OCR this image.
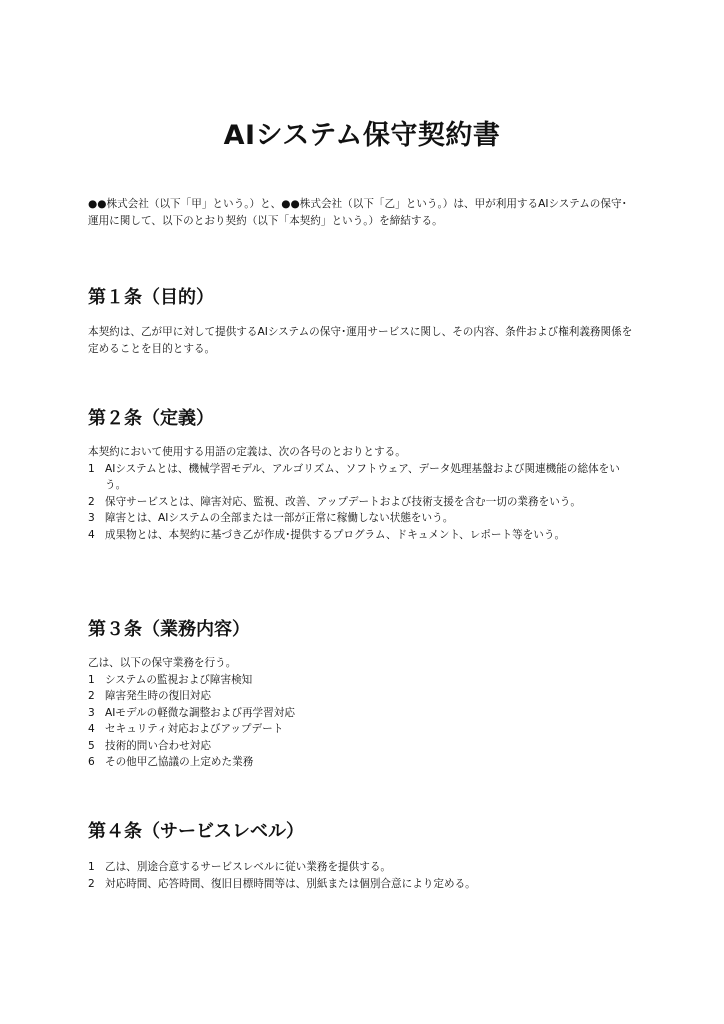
AIシステム保守契約書
●●株式会社（以下「甲」という。）と、●●株式会社（以下「乙」という。）は、甲が利用するAIシステムの保守･運用に関して、以下のとおり契約（以下「本契約」という。）を締結する。
第１条（目的）

本契約は、乙が甲に対して提供するAIシステムの保守･運用サービスに関し、その内容、条件および権利義務関係を定めることを目的とする。

第２条（定義）

本契約において使用する用語の定義は、次の各号のとおりとする。

1 AIシステムとは、機械学習モデル、アルゴリズム、ソフトウェア、データ処理基盤および関連機能の総体をいう。
2 保守サービスとは、障害対応、監視、改善、アップデートおよび技術支援を含む一切の業務をいう。
3 障害とは、AIシステムの全部または一部が正常に稼働しない状態をいう。
4 成果物とは、本契約に基づき乙が作成･提供するプログラム、ドキュメント、レポート等をいう。
第３条（業務内容）

乙は、以下の保守業務を行う。

1 システムの監視および障害検知
2 障害発生時の復旧対応
3 AIモデルの軽微な調整および再学習対応
4 セキュリティ対応およびアップデート
5 技術的問い合わせ対応
6 その他甲乙協議の上定めた業務
第４条（サービスレベル）
1 乙は、別途合意するサービスレベルに従い業務を提供する。
2 対応時間、応答時間、復旧目標時間等は、別紙または個別合意により定める。
